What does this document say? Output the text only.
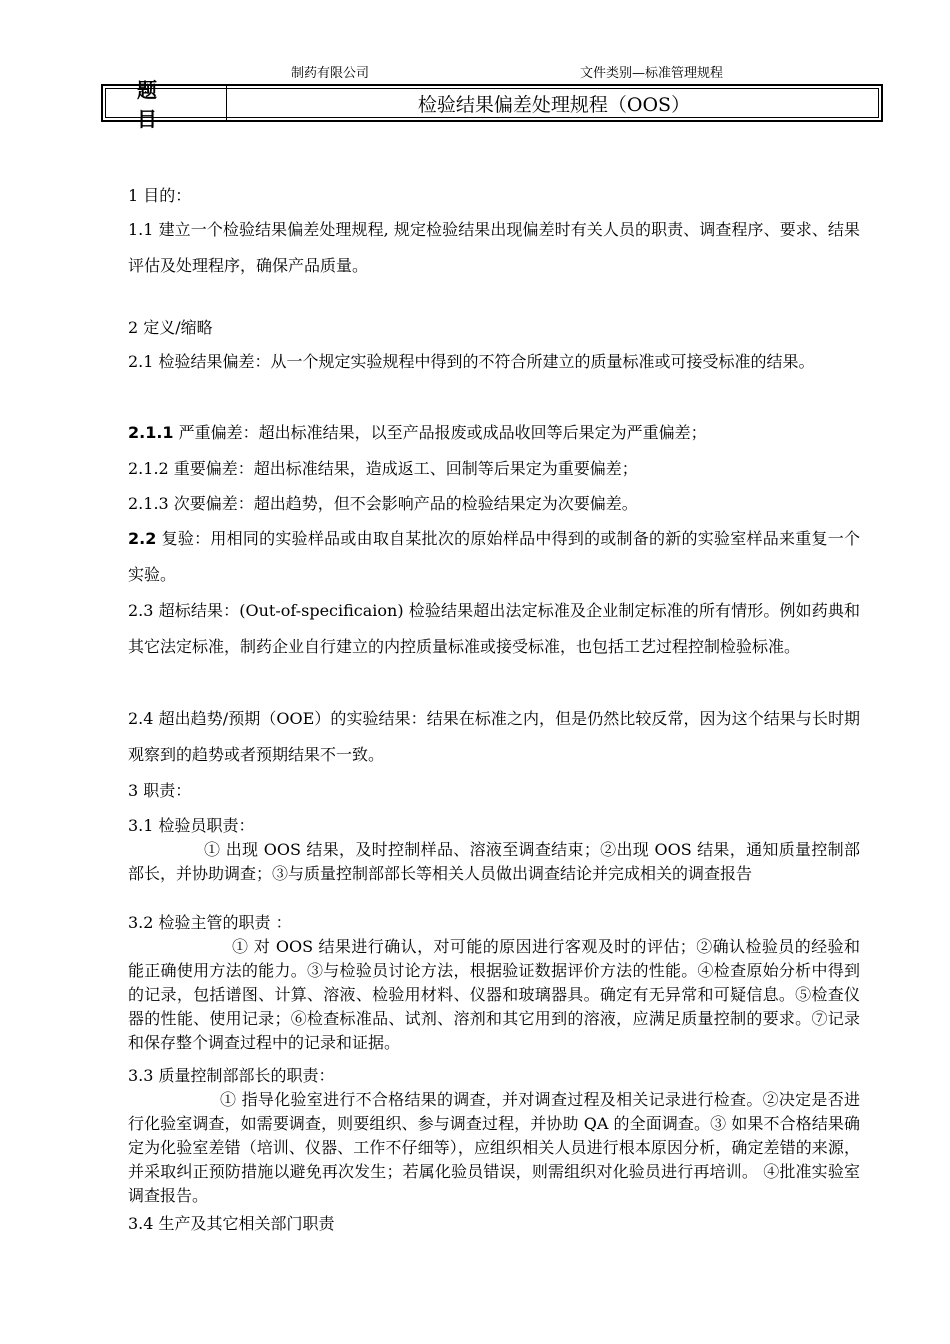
制药有限公司	文件类别—标准管理规程
题目
检验结果偏差处理规程（OOS）
1 目的：
1.1 建立一个检验结果偏差处理规程, 规定检验结果出现偏差时有关人员的职责、调查程序、要求、结果评估及处理程序，确保产品质量。
2 定义/缩略
2.1 检验结果偏差：从一个规定实验规程中得到的不符合所建立的质量标准或可接受标准的结果。
2.1.1 严重偏差：超出标准结果，以至产品报废或成品收回等后果定为严重偏差；
2.1.2 重要偏差：超出标准结果，造成返工、回制等后果定为重要偏差；
2.1.3 次要偏差：超出趋势，但不会影响产品的检验结果定为次要偏差。
2.2 复验：用相同的实验样品或由取自某批次的原始样品中得到的或制备的新的实验室样品来重复一个实验。
2.3 超标结果：(Out-of-specificaion) 检验结果超出法定标准及企业制定标准的所有情形。例如药典和其它法定标准，制药企业自行建立的内控质量标准或接受标准，也包括工艺过程控制检验标准。
2.4 超出趋势/预期（OOE）的实验结果：结果在标准之内，但是仍然比较反常，因为这个结果与长时期观察到的趋势或者预期结果不一致。
3 职责：
3.1 检验员职责：
① 出现 OOS 结果，及时控制样品、溶液至调查结束；②出现 OOS 结果，通知质量控制部部长，并协助调查；③与质量控制部部长等相关人员做出调查结论并完成相关的调查报告
3.2 检验主管的职责 ：
① 对 OOS 结果进行确认，对可能的原因进行客观及时的评估；②确认检验员的经验和能正确使用方法的能力。③与检验员讨论方法，根据验证数据评价方法的性能。④检查原始分析中得到的记录，包括谱图、计算、溶液、检验用材料、仪器和玻璃器具。确定有无异常和可疑信息。⑤检查仪器的性能、使用记录；⑥检查标准品、试剂、溶剂和其它用到的溶液，应满足质量控制的要求。⑦记录和保存整个调查过程中的记录和证据。
3.3 质量控制部部长的职责：
① 指导化验室进行不合格结果的调查，并对调查过程及相关记录进行检查。②决定是否进行化验室调查，如需要调查，则要组织、参与调查过程，并协助 QA 的全面调查。③ 如果不合格结果确定为化验室差错（培训、仪器、工作不仔细等），应组织相关人员进行根本原因分析，确定差错的来源，并采取纠正预防措施以避免再次发生；若属化验员错误，则需组织对化验员进行再培训。 ④批准实验室调查报告。
3.4 生产及其它相关部门职责
